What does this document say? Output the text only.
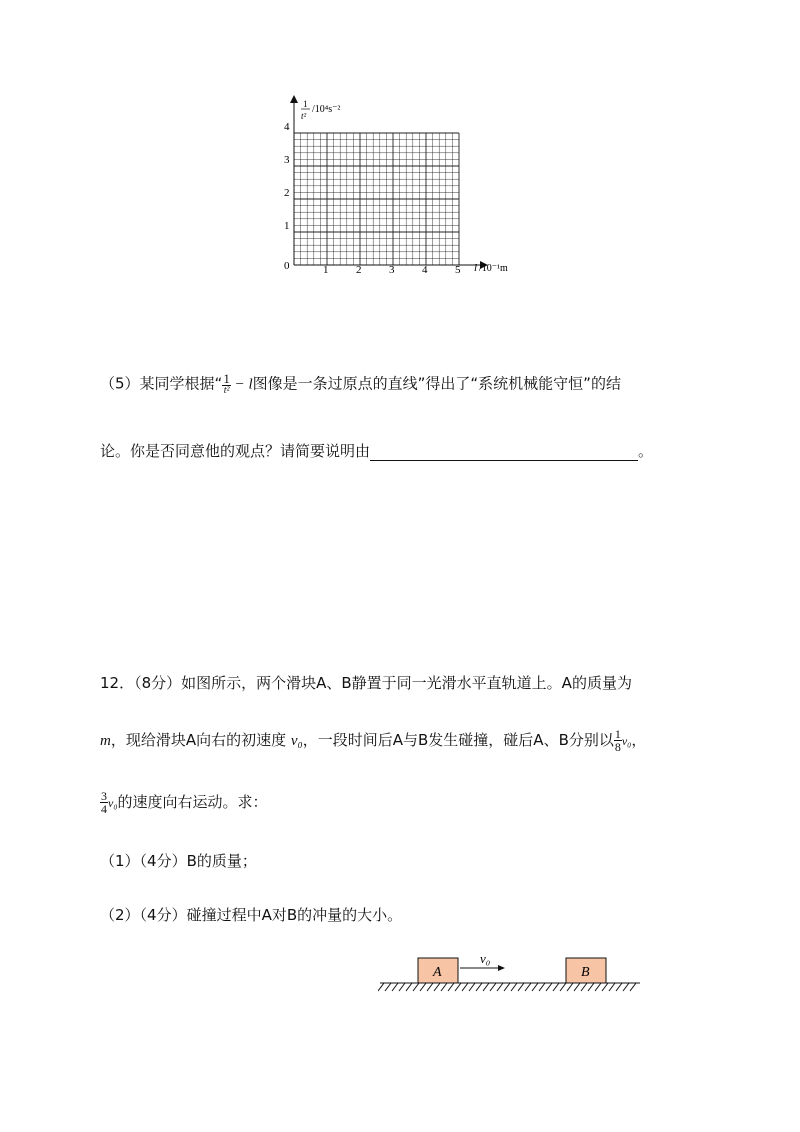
1
t²
/10⁴s⁻²
l /10⁻¹m
0	1	2	3	4	5
1
2
3
4
（5）某同学根据“ $\frac{1}{\text{t²}} - l$图像是一条过原点的直线”得出了“系统机械能守恒”的结
论。你是否同意他的观点？请简要说明由	。
12．（8分）如图所示，两个滑块A、B静置于同一光滑水平直轨道上。A的质量为
m，现给滑块A向右的初速度 v₀，一段时间后A与B发生碰撞，碰后A、B分别以 $\frac{1}{8} v_0$，
$\frac{3}{4} v_0$的速度向右运动。求：
（1）（4分）B的质量；
（2）（4分）碰撞过程中A对B的冲量的大小。
A	B
v₀
